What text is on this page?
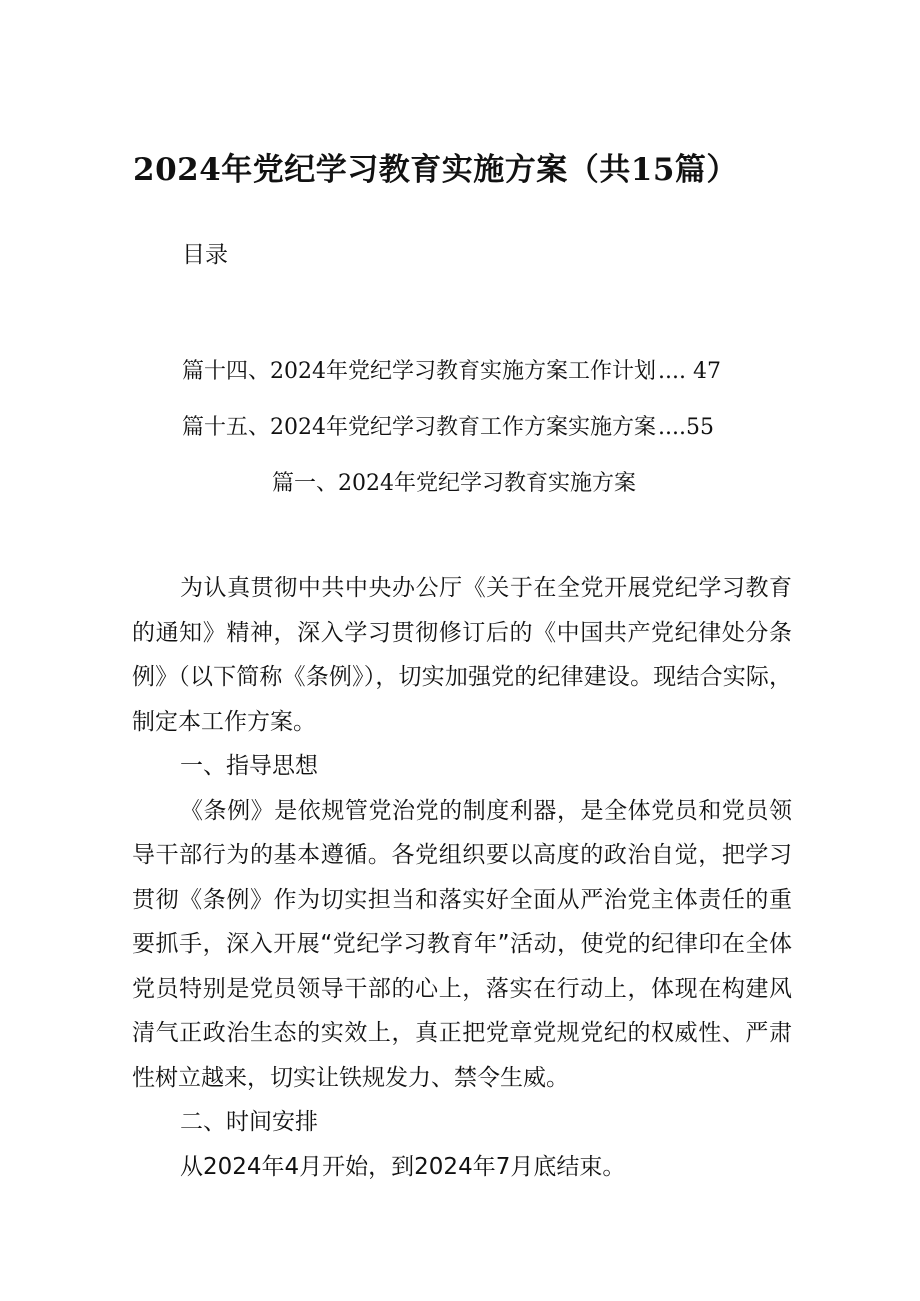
2024年党纪学习教育实施方案（共15篇）
目录
篇十四、2024年党纪学习教育实施方案工作计划.... 47
篇十五、2024年党纪学习教育工作方案实施方案....55
篇一、2024年党纪学习教育实施方案

为认真贯彻中共中央办公厅《关于在全党开展党纪学习教育的通知》精神，深入学习贯彻修订后的《中国共产党纪律处分条例》（以下简称《条例》），切实加强党的纪律建设。现结合实际，制定本工作方案。

一、指导思想

《条例》是依规管党治党的制度利器，是全体党员和党员领导干部行为的基本遵循。各党组织要以高度的政治自觉，把学习贯彻《条例》作为切实担当和落实好全面从严治党主体责任的重要抓手，深入开展“党纪学习教育年”活动，使党的纪律印在全体党员特别是党员领导干部的心上，落实在行动上，体现在构建风清气正政治生态的实效上，真正把党章党规党纪的权威性、严肃性树立越来，切实让铁规发力、禁令生威。

二、时间安排

从2024年4月开始，到2024年7月底结束。
